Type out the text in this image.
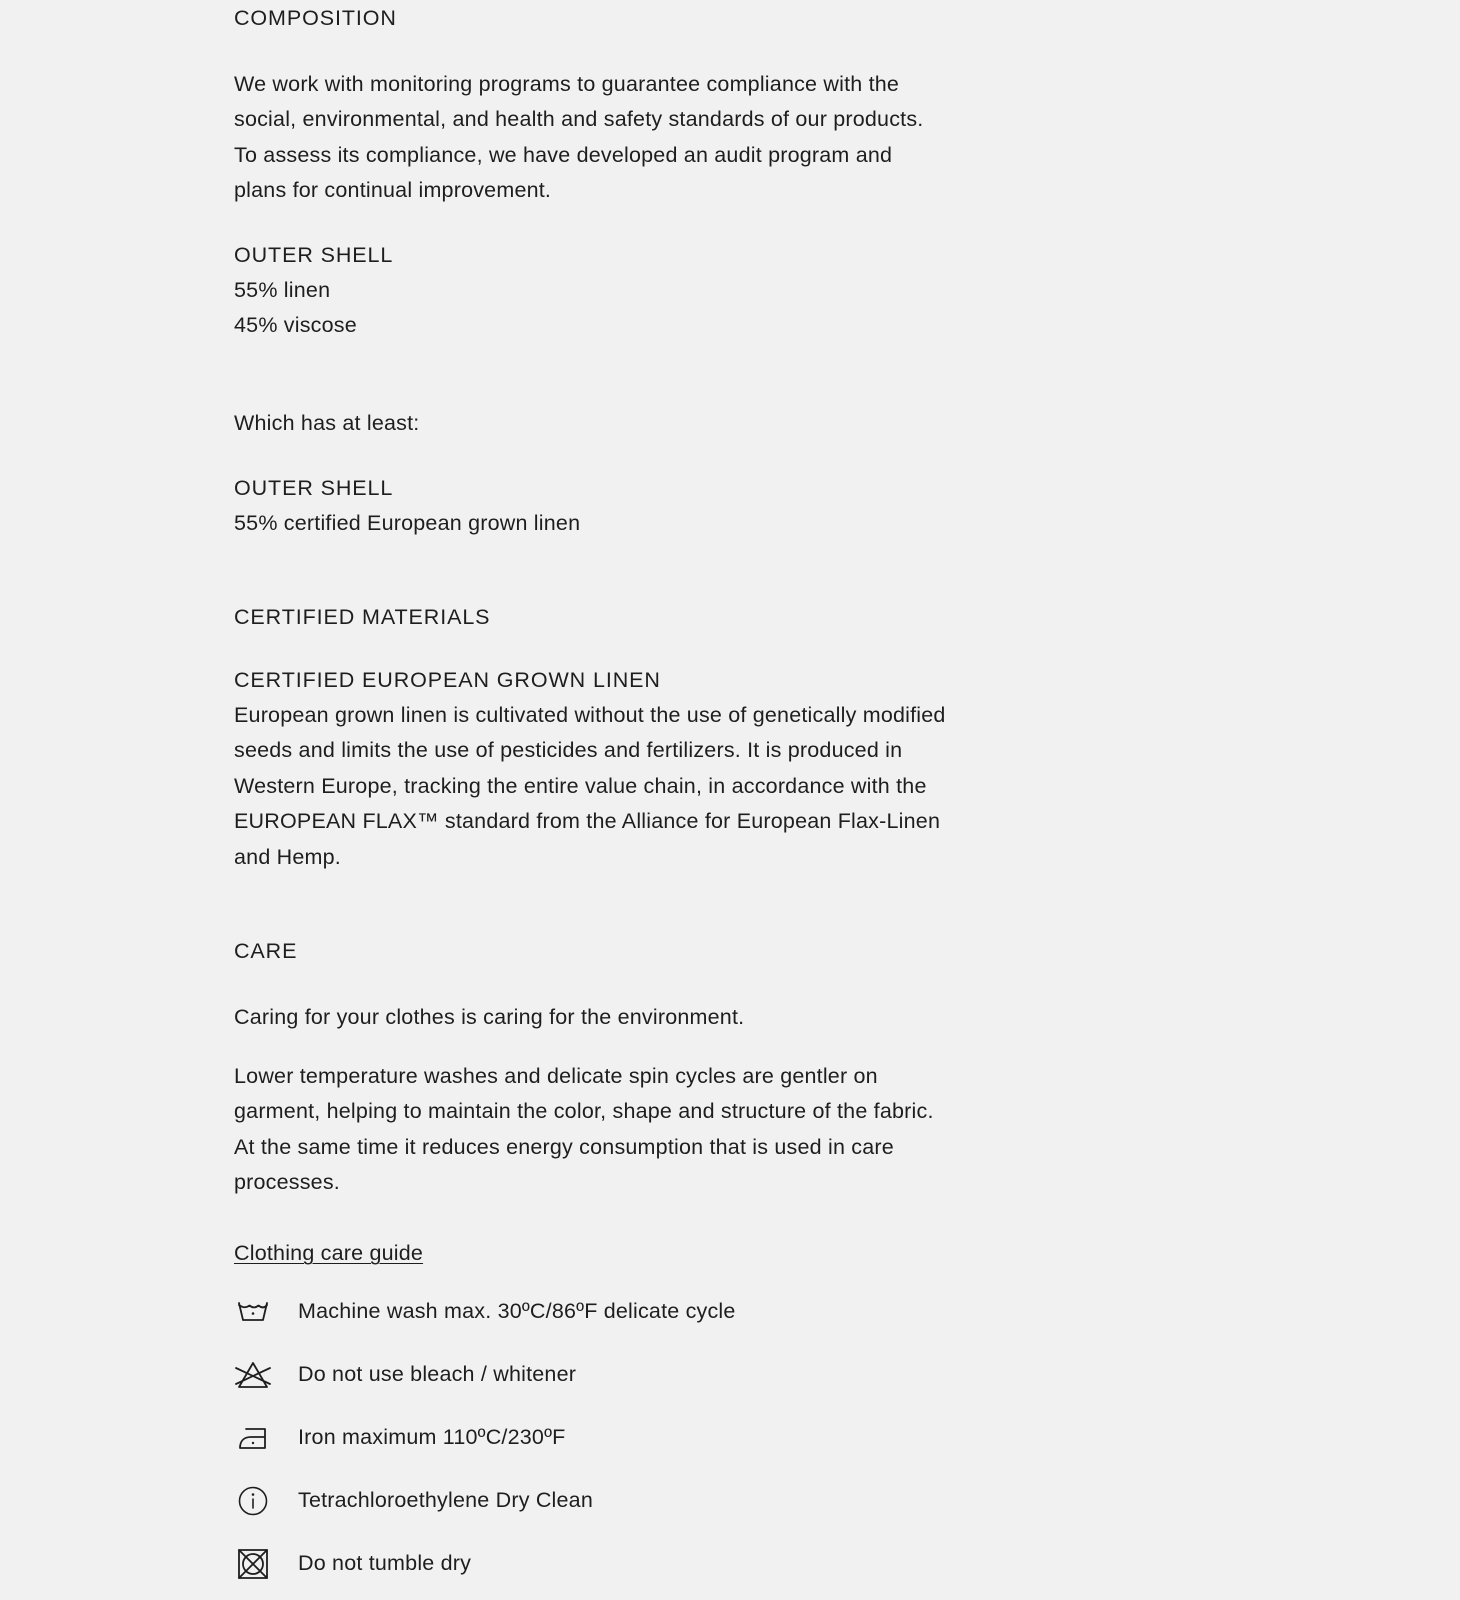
COMPOSITION
We work with monitoring programs to guarantee compliance with the
social, environmental, and health and safety standards of our products.
To assess its compliance, we have developed an audit program and
plans for continual improvement.
OUTER SHELL
55% linen
45% viscose
Which has at least:
OUTER SHELL
55% certified European grown linen
CERTIFIED MATERIALS
CERTIFIED EUROPEAN GROWN LINEN
European grown linen is cultivated without the use of genetically modified
seeds and limits the use of pesticides and fertilizers. It is produced in
Western Europe, tracking the entire value chain, in accordance with the
EUROPEAN FLAX™ standard from the Alliance for European Flax-Linen
and Hemp.
CARE
Caring for your clothes is caring for the environment.
Lower temperature washes and delicate spin cycles are gentler on
garment, helping to maintain the color, shape and structure of the fabric.
At the same time it reduces energy consumption that is used in care
processes.
Clothing care guide
Machine wash max. 30ºC/86ºF delicate cycle
Do not use bleach / whitener
Iron maximum 110ºC/230ºF
Tetrachloroethylene Dry Clean
Do not tumble dry
